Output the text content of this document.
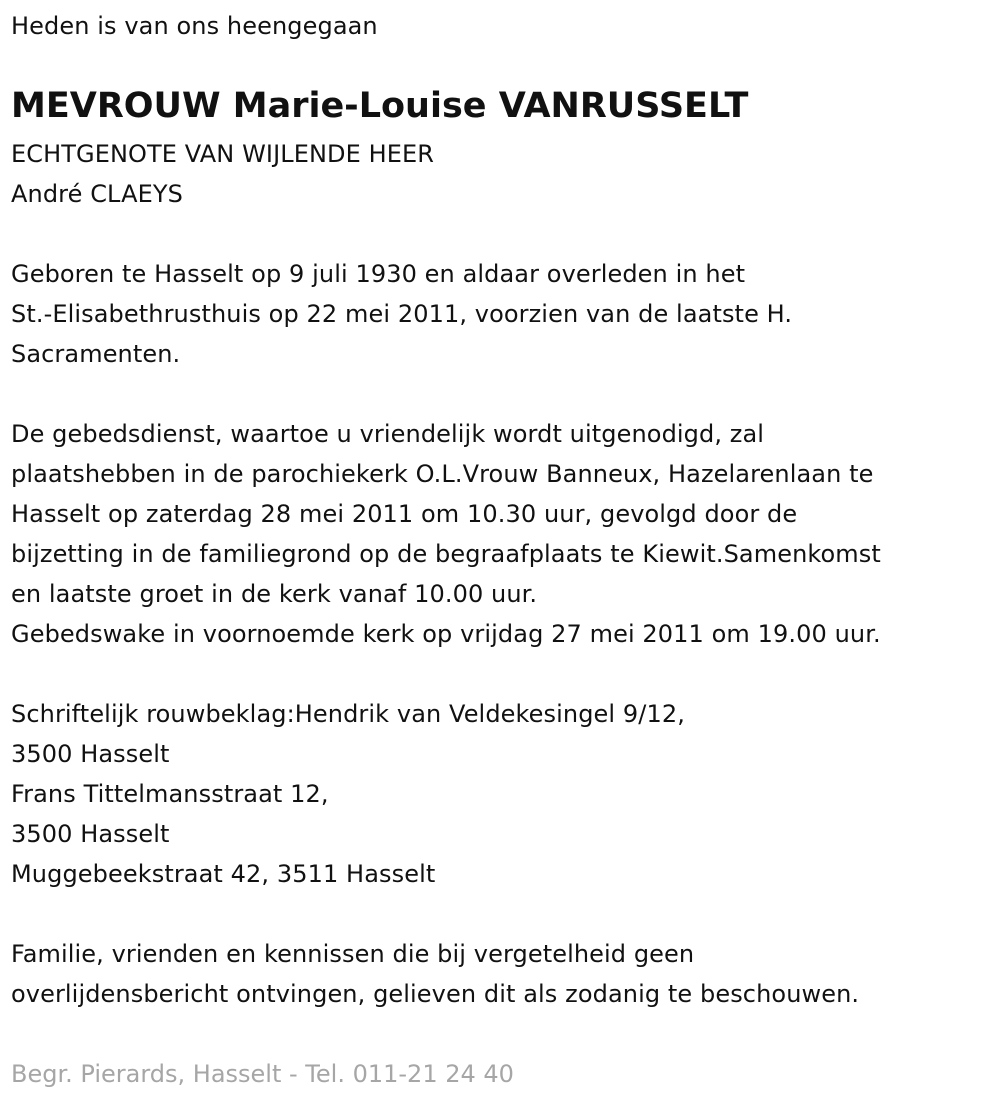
Heden is van ons heengegaan
MEVROUW Marie-Louise VANRUSSELT
ECHTGENOTE VAN WIJLENDE HEER
André CLAEYS
Geboren te Hasselt op 9 juli 1930 en aldaar overleden in het
St.-Elisabethrusthuis op 22 mei 2011, voorzien van de laatste H.
Sacramenten.
De gebedsdienst, waartoe u vriendelijk wordt uitgenodigd, zal
plaatshebben in de parochiekerk O.L.Vrouw Banneux, Hazelarenlaan te
Hasselt op zaterdag 28 mei 2011 om 10.30 uur, gevolgd door de
bijzetting in de familiegrond op de begraafplaats te Kiewit.Samenkomst
en laatste groet in de kerk vanaf 10.00 uur.
Gebedswake in voornoemde kerk op vrijdag 27 mei 2011 om 19.00 uur.
Schriftelijk rouwbeklag:Hendrik van Veldekesingel 9/12,
3500 Hasselt
Frans Tittelmansstraat 12,
3500 Hasselt
Muggebeekstraat 42, 3511 Hasselt
Familie, vrienden en kennissen die bij vergetelheid geen
overlijdensbericht ontvingen, gelieven dit als zodanig te beschouwen.
Begr. Pierards, Hasselt - Tel. 011-21 24 40
